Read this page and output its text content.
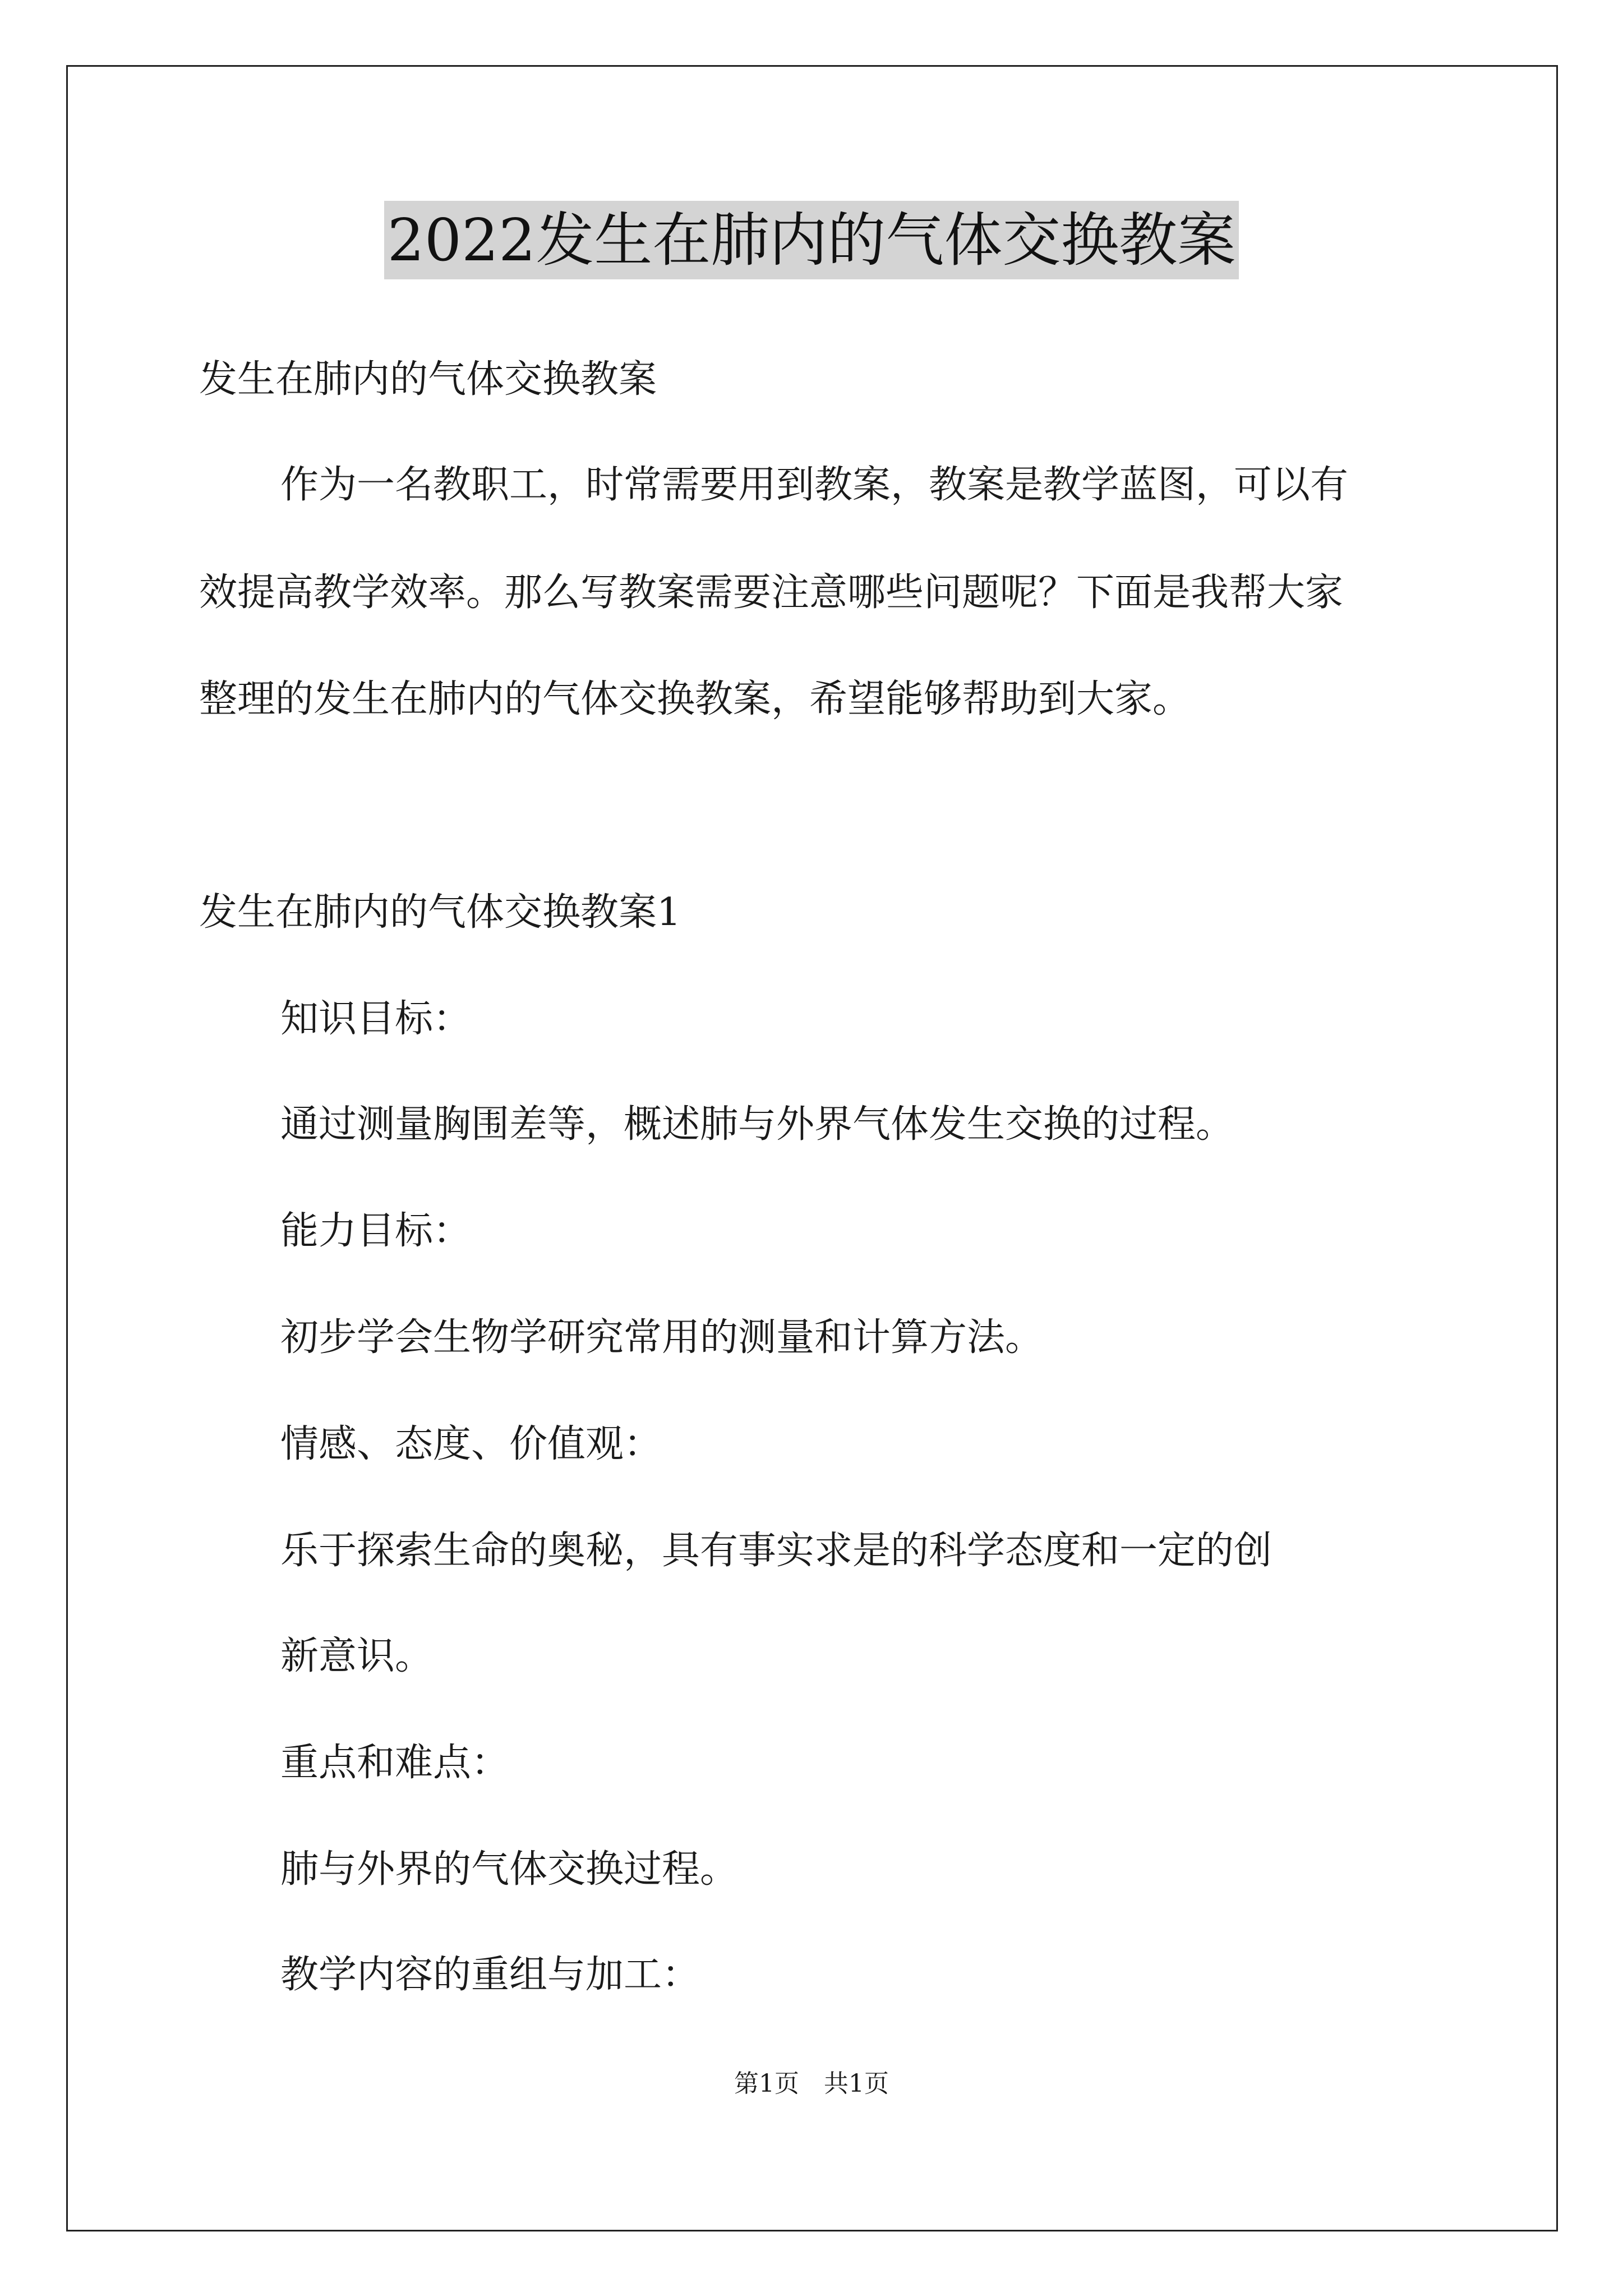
2022发生在肺内的气体交换教案
发生在肺内的气体交换教案
作为一名教职工，时常需要用到教案，教案是教学蓝图，可以有
效提高教学效率。那么写教案需要注意哪些问题呢？下面是我帮大家
整理的发生在肺内的气体交换教案，希望能够帮助到大家。
发生在肺内的气体交换教案1
知识目标：
通过测量胸围差等，概述肺与外界气体发生交换的过程。
能力目标：
初步学会生物学研究常用的测量和计算方法。
情感、态度、价值观：
乐于探索生命的奥秘，具有事实求是的科学态度和一定的创
新意识。
重点和难点：
肺与外界的气体交换过程。
教学内容的重组与加工：
第1页　共1页
